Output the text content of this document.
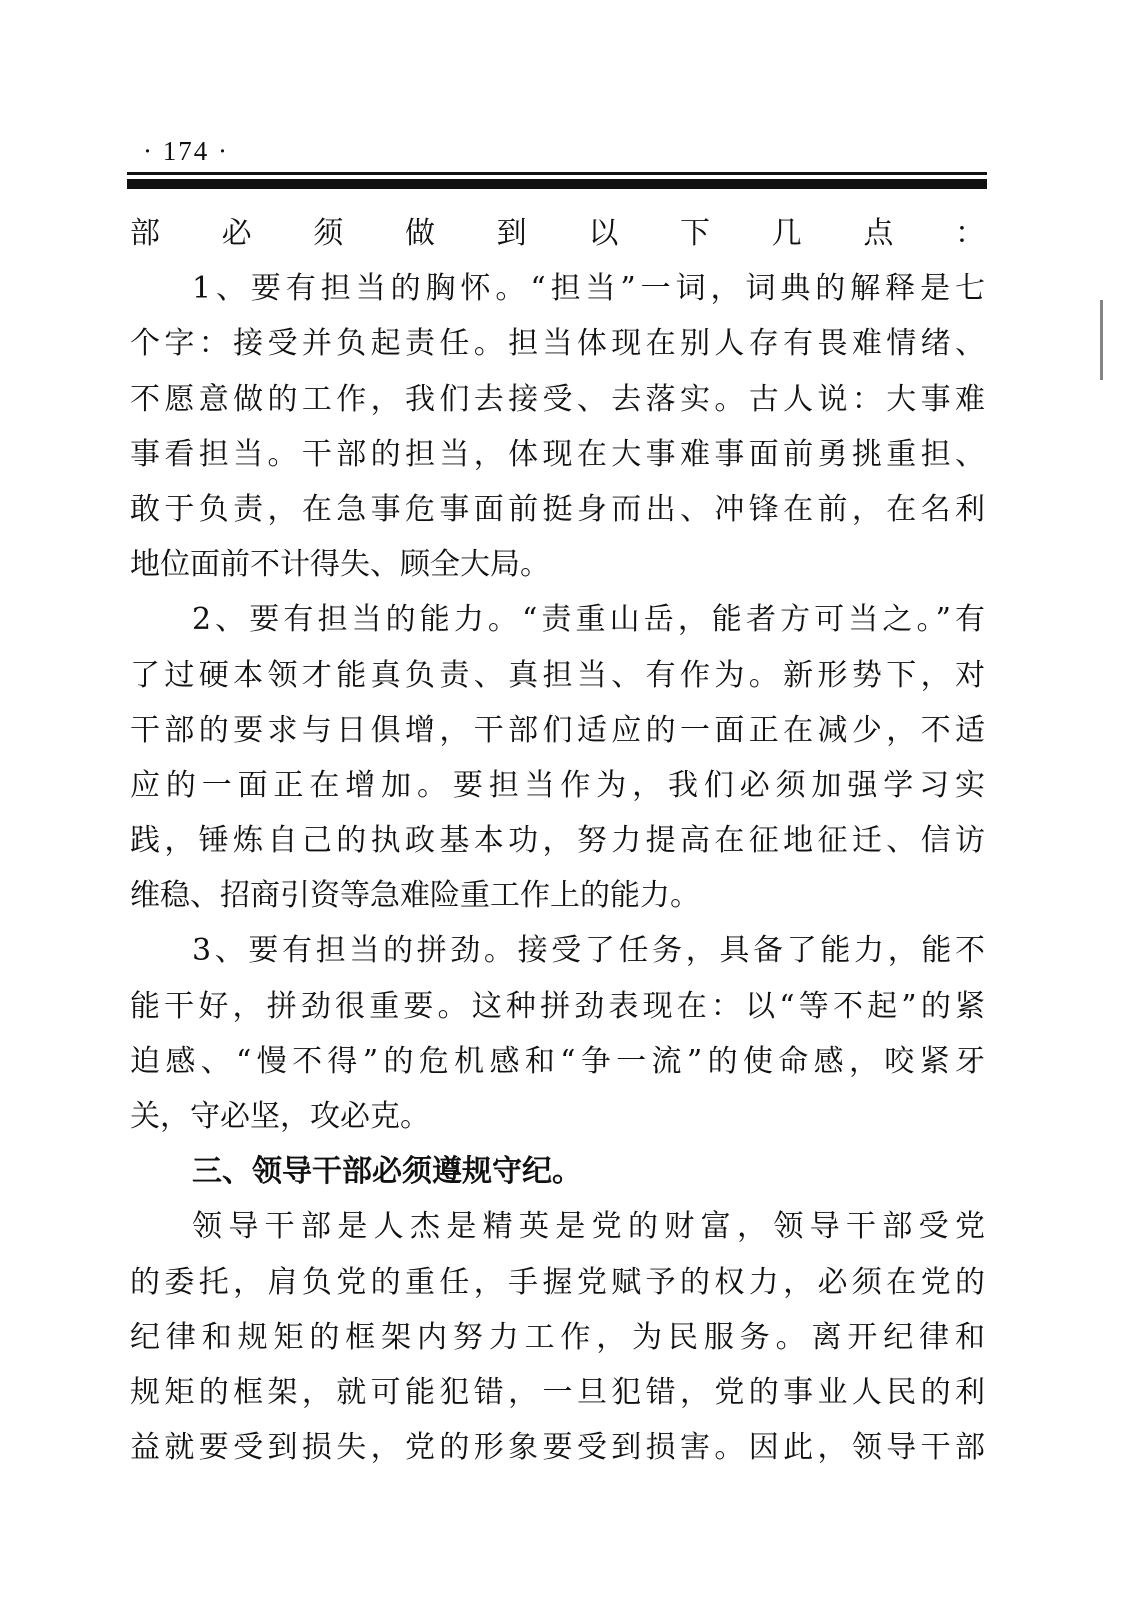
· 174 ·
部必须做到以下几点：
1、要有担当的胸怀。“担当”一词，词典的解释是七
个字：接受并负起责任。担当体现在别人存有畏难情绪、
不愿意做的工作，我们去接受、去落实。古人说：大事难
事看担当。干部的担当，体现在大事难事面前勇挑重担、
敢于负责，在急事危事面前挺身而出、冲锋在前，在名利
地位面前不计得失、顾全大局。
2、要有担当的能力。“责重山岳，能者方可当之。”有
了过硬本领才能真负责、真担当、有作为。新形势下，对
干部的要求与日俱增，干部们适应的一面正在减少，不适
应的一面正在增加。要担当作为，我们必须加强学习实
践，锤炼自己的执政基本功，努力提高在征地征迁、信访
维稳、招商引资等急难险重工作上的能力。
3、要有担当的拼劲。接受了任务，具备了能力，能不
能干好，拼劲很重要。这种拼劲表现在：以“等不起”的紧
迫感、“慢不得”的危机感和“争一流”的使命感，咬紧牙
关，守必坚，攻必克。
三、领导干部必须遵规守纪。
领导干部是人杰是精英是党的财富，领导干部受党
的委托，肩负党的重任，手握党赋予的权力，必须在党的
纪律和规矩的框架内努力工作，为民服务。离开纪律和
规矩的框架，就可能犯错，一旦犯错，党的事业人民的利
益就要受到损失，党的形象要受到损害。因此，领导干部
